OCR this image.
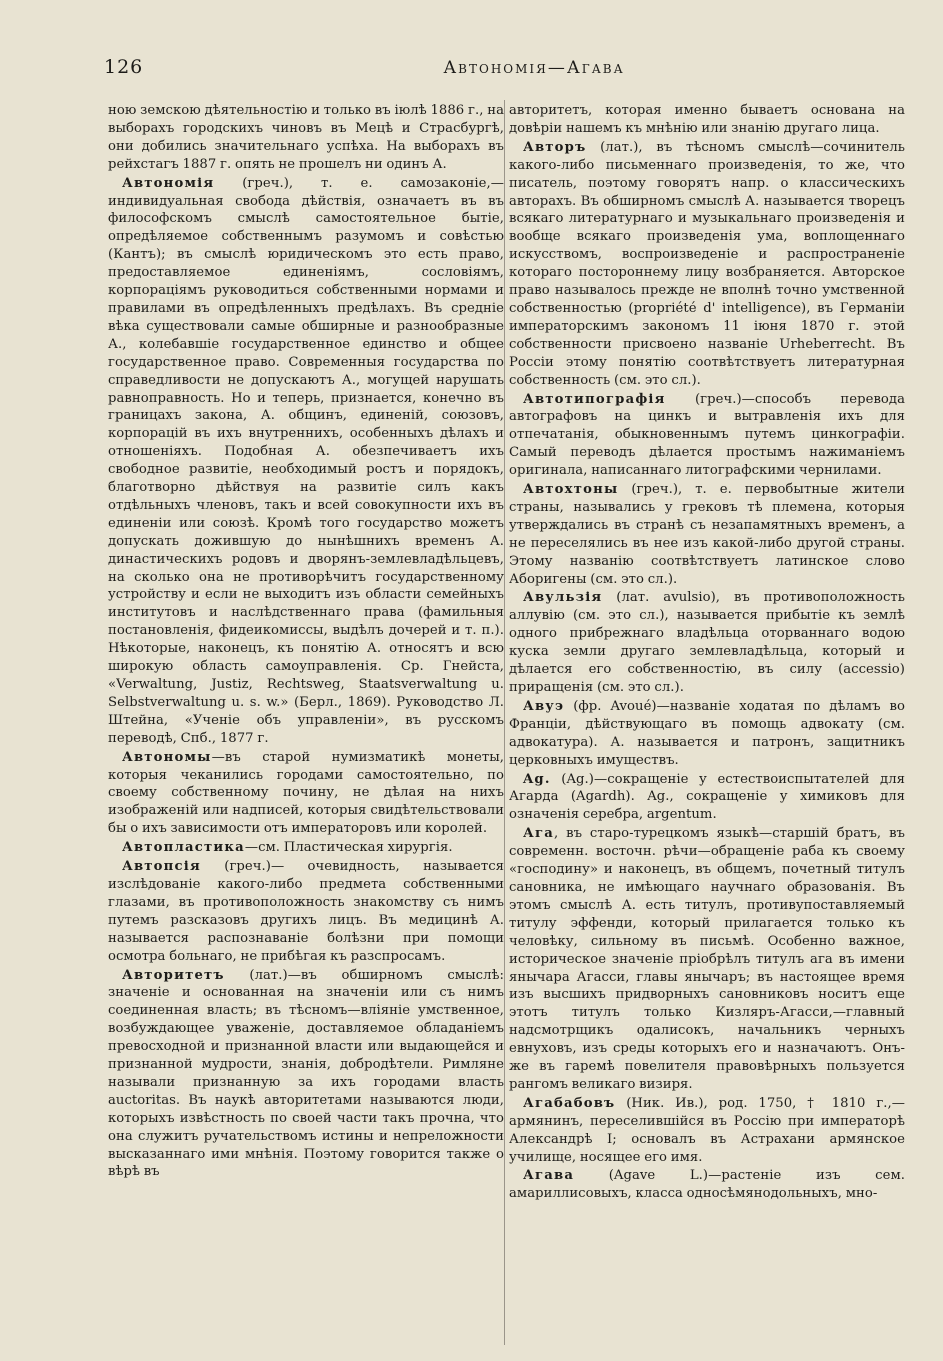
126	Автономія—Агава

ною земскою дѣятельностію и только въ іюлѣ 1886 г., на выборахъ городскихъ чиновъ въ Мецѣ и Страсбургѣ, они добились значительнаго успѣха. На выборахъ въ рейхстагъ 1887 г. опять не прошелъ ни одинъ А.

Автономія (греч.), т. е. самозаконіе,—индивидуальная свобода дѣйствія, означаетъ въ въ философскомъ смыслѣ самостоятельное бытіе, опредѣляемое собственнымъ разумомъ и совѣстью (Кантъ); въ смыслѣ юридическомъ это есть право, предоставляемое единеніямъ, сословіямъ, корпораціямъ руководиться собственными нормами и правилами въ опредѣленныхъ предѣлахъ. Въ средніе вѣка существовали самые обширные и разнообразные А., колебавшіе государственное единство и общее государственное право. Современныя государства по справедливости не допускаютъ А., могущей нарушать равноправность. Но и теперь, признается, конечно въ границахъ закона, А. общинъ, единеній, союзовъ, корпорацій въ ихъ внутреннихъ, особенныхъ дѣлахъ и отношеніяхъ. Подобная А. обезпечиваетъ ихъ свободное развитіе, необходимый ростъ и порядокъ, благотворно дѣйствуя на развитіе силъ какъ отдѣльныхъ членовъ, такъ и всей совокупности ихъ въ единеніи или союзѣ. Кромѣ того государство можетъ допускать дожившую до нынѣшнихъ временъ А. династическихъ родовъ и дворянъ-землевладѣльцевъ, на сколько она не противорѣчитъ государственному устройству и если не выходитъ изъ области семейныхъ институтовъ и наслѣдственнаго права (фамильныя постановленія, фидеикомиссы, выдѣлъ дочерей и т. п.). Нѣкоторые, наконецъ, къ понятію А. относятъ и всю широкую область самоуправленія. Ср. Гнейста, «Verwaltung, Justiz, Rechtsweg, Staatsverwaltung u. Selbstverwaltung u. s. w.» (Берл., 1869). Руководство Л. Штейна, «Ученіе объ управленіи», въ русскомъ переводѣ, Спб., 1877 г.

Автономы—въ старой нумизматикѣ монеты, которыя чеканились городами самостоятельно, по своему собственному почину, не дѣлая на нихъ изображеній или надписей, которыя свидѣтельствовали бы о ихъ зависимости отъ императоровъ или королей.

Автопластика—см. Пластическая хирургія.

Автопсія (греч.)— очевидность, называется изслѣдованіе какого-либо предмета собственными глазами, въ противоположность знакомству съ нимъ путемъ разсказовъ другихъ лицъ. Въ медицинѣ А. называется распознаваніе болѣзни при помощи осмотра больнаго, не прибѣгая къ разспросамъ.

Авторитетъ (лат.)—въ обширномъ смыслѣ: значеніе и основанная на значеніи или съ нимъ соединенная власть; въ тѣсномъ—вліяніе умственное, возбуждающее уваженіе, доставляемое обладаніемъ превосходной и признанной власти или выдающейся и признанной мудрости, знанія, добродѣтели. Римляне называли признанную за ихъ городами власть auctoritas. Въ наукѣ авторитетами называются люди, которыхъ извѣстность по своей части такъ прочна, что она служитъ ручательствомъ истины и непреложности высказаннаго ими мнѣнія. Поэтому говорится также о вѣрѣ въ

авторитетъ, которая именно бываетъ основана на довѣріи нашемъ къ мнѣнію или знанію другаго лица.

Авторъ (лат.), въ тѣсномъ смыслѣ—сочинитель какого-либо письменнаго произведенія, то же, что писатель, поэтому говорятъ напр. о классическихъ авторахъ. Въ обширномъ смыслѣ А. называется творецъ всякаго литературнаго и музыкальнаго произведенія и вообще всякаго произведенія ума, воплощеннаго искусствомъ, воспроизведеніе и распространеніе котораго постороннему лицу возбраняется. Авторское право называлось прежде не вполнѣ точно умственной собственностью (propriété d' intelligence), въ Германіи императорскимъ закономъ 11 іюня 1870 г. этой собственности присвоено названіе Urheberrecht. Въ Россіи этому понятію соотвѣтствуетъ литературная собственность (см. это сл.).

Автотипографія (греч.)—способъ перевода автографовъ на цинкъ и вытравленія ихъ для отпечатанія, обыкновеннымъ путемъ цинкографіи. Самый переводъ дѣлается простымъ нажиманіемъ оригинала, написаннаго литографскими чернилами.

Автохтоны (греч.), т. е. первобытные жители страны, назывались у грековъ тѣ племена, которыя утверждались въ странѣ съ незапамятныхъ временъ, а не переселялись въ нее изъ какой-либо другой страны. Этому названію соотвѣтствуетъ латинское слово Аборигены (см. это сл.).

Авульзія (лат. avulsio), въ противоположность аллувію (см. это сл.), называется прибытіе къ землѣ одного прибрежнаго владѣльца оторваннаго водою куска земли другаго землевладѣльца, который и дѣлается его собственностію, въ силу (accessio) приращенія (см. это сл.).

Авуэ (фр. Avoué)—названіе ходатая по дѣламъ во Франціи, дѣйствующаго въ помощь адвокату (см. адвокатура). А. называется и патронъ, защитникъ церковныхъ имуществъ.

Ag. (Ag.)—сокращеніе у естествоиспытателей для Агарда (Agardh). Ag., сокращеніе у химиковъ для означенія серебра, argentum.

Ага, въ старо-турецкомъ языкѣ—старшій братъ, въ современн. восточн. рѣчи—обращеніе раба къ своему «господину» и наконецъ, въ общемъ, почетный титулъ сановника, не имѣющаго научнаго образованія. Въ этомъ смыслѣ А. есть титулъ, противупоставляемый титулу эффенди, который прилагается только къ человѣку, сильному въ письмѣ. Особенно важное, историческое значеніе пріобрѣлъ титулъ ага въ имени янычара Агасси, главы янычаръ; въ настоящее время изъ высшихъ придворныхъ сановниковъ носитъ еще этотъ титулъ только Кизляръ-Агасси,—главный надсмотрщикъ одалисокъ, начальникъ черныхъ евнуховъ, изъ среды которыхъ его и назначаютъ. Онъ-же въ гаремѣ повелителя правовѣрныхъ пользуется рангомъ великаго визиря.

Агабабовъ (Ник. Ив.), род. 1750, † 1810 г.,—армянинъ, переселившійся въ Россію при императорѣ Александрѣ I; основалъ въ Астрахани армянское училище, носящее его имя.

Агава (Agave L.)—растеніе изъ сем. амариллисовыхъ, класса односѣмянодольныхъ, мно-
